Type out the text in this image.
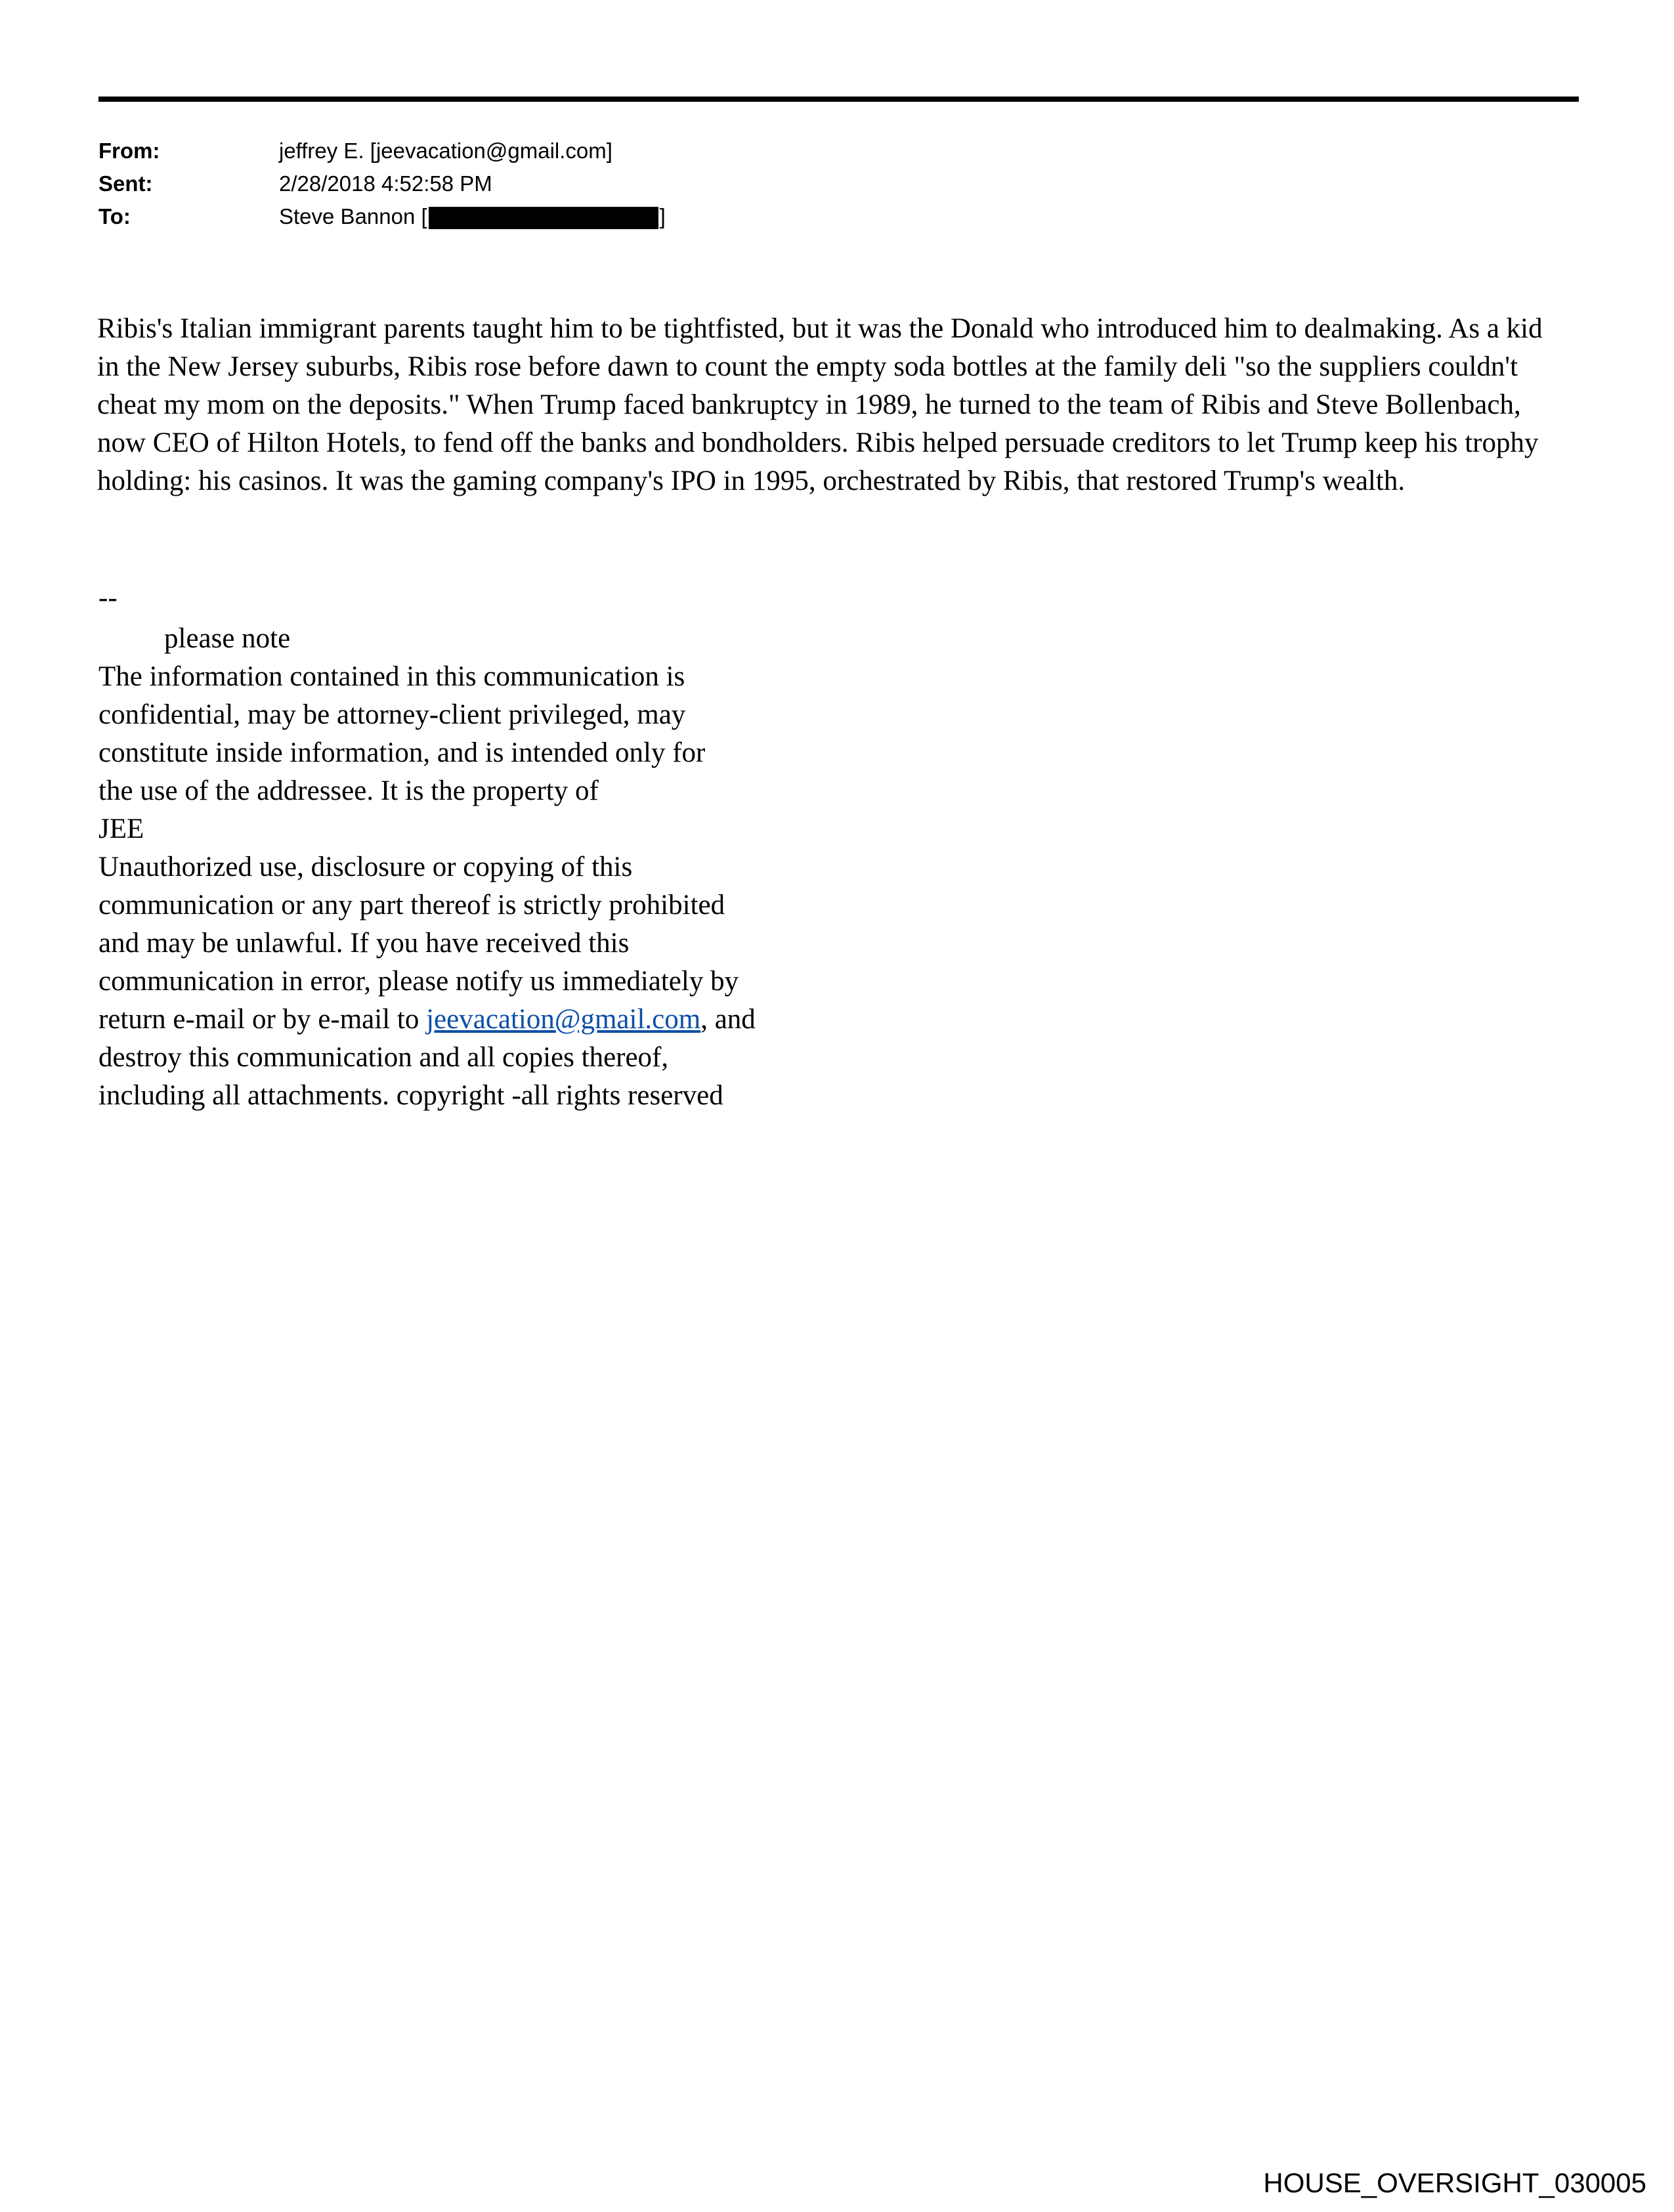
From:	jeffrey E. [jeevacation@gmail.com]
Sent:	2/28/2018 4:52:58 PM
To:	Steve Bannon [	]
Ribis's Italian immigrant parents taught him to be tightfisted, but it was the Donald who introduced him to dealmaking. As a kid in the New Jersey suburbs, Ribis rose before dawn to count the empty soda bottles at the family deli "so the suppliers couldn't cheat my mom on the deposits." When Trump faced bankruptcy in 1989, he turned to the team of Ribis and Steve Bollenbach, now CEO of Hilton Hotels, to fend off the banks and bondholders. Ribis helped persuade creditors to let Trump keep his trophy holding: his casinos. It was the gaming company's IPO in 1995, orchestrated by Ribis, that restored Trump's wealth.
--
please note
The information contained in this communication is
confidential, may be attorney-client privileged, may
constitute inside information, and is intended only for
the use of the addressee. It is the property of
JEE
Unauthorized use, disclosure or copying of this
communication or any part thereof is strictly prohibited
and may be unlawful. If you have received this
communication in error, please notify us immediately by
return e-mail or by e-mail to jeevacation@gmail.com, and
destroy this communication and all copies thereof,
including all attachments. copyright -all rights reserved
HOUSE_OVERSIGHT_030005
